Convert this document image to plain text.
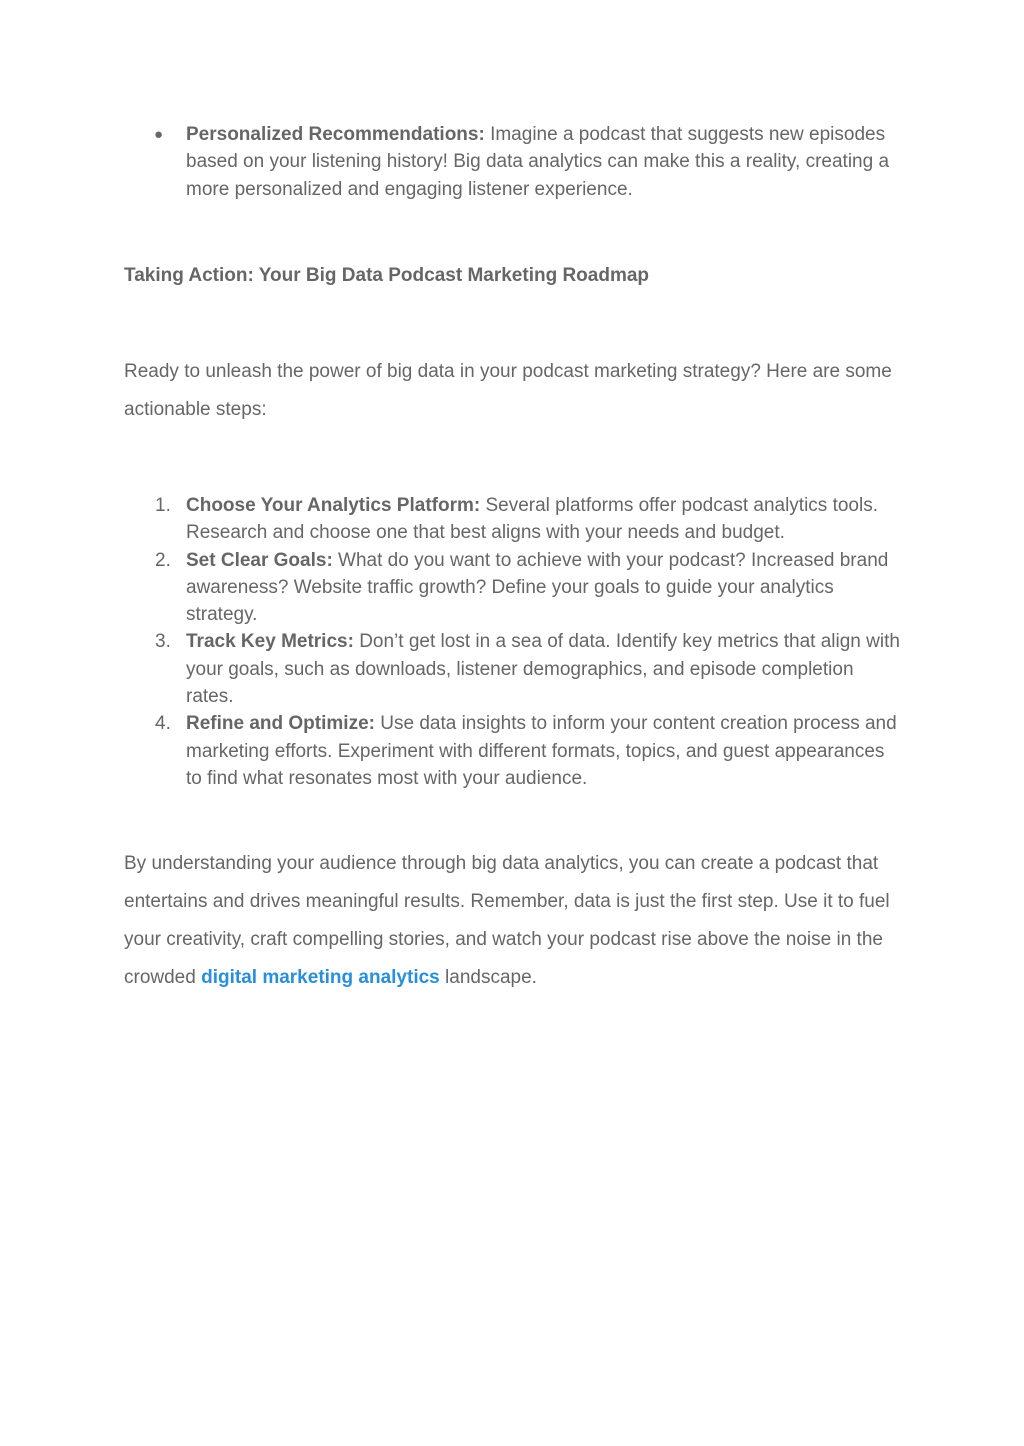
●	Personalized Recommendations: Imagine a podcast that suggests new episodes based on your listening history! Big data analytics can make this a reality, creating a more personalized and engaging listener experience.
Taking Action: Your Big Data Podcast Marketing Roadmap
Ready to unleash the power of big data in your podcast marketing strategy? Here are some actionable steps:
1. Choose Your Analytics Platform: Several platforms offer podcast analytics tools. Research and choose one that best aligns with your needs and budget.
2. Set Clear Goals: What do you want to achieve with your podcast? Increased brand awareness? Website traffic growth? Define your goals to guide your analytics strategy.
3. Track Key Metrics: Don’t get lost in a sea of data. Identify key metrics that align with your goals, such as downloads, listener demographics, and episode completion rates.
4. Refine and Optimize: Use data insights to inform your content creation process and marketing efforts. Experiment with different formats, topics, and guest appearances to find what resonates most with your audience.
By understanding your audience through big data analytics, you can create a podcast that entertains and drives meaningful results. Remember, data is just the first step. Use it to fuel your creativity, craft compelling stories, and watch your podcast rise above the noise in the crowded digital marketing analytics landscape.
